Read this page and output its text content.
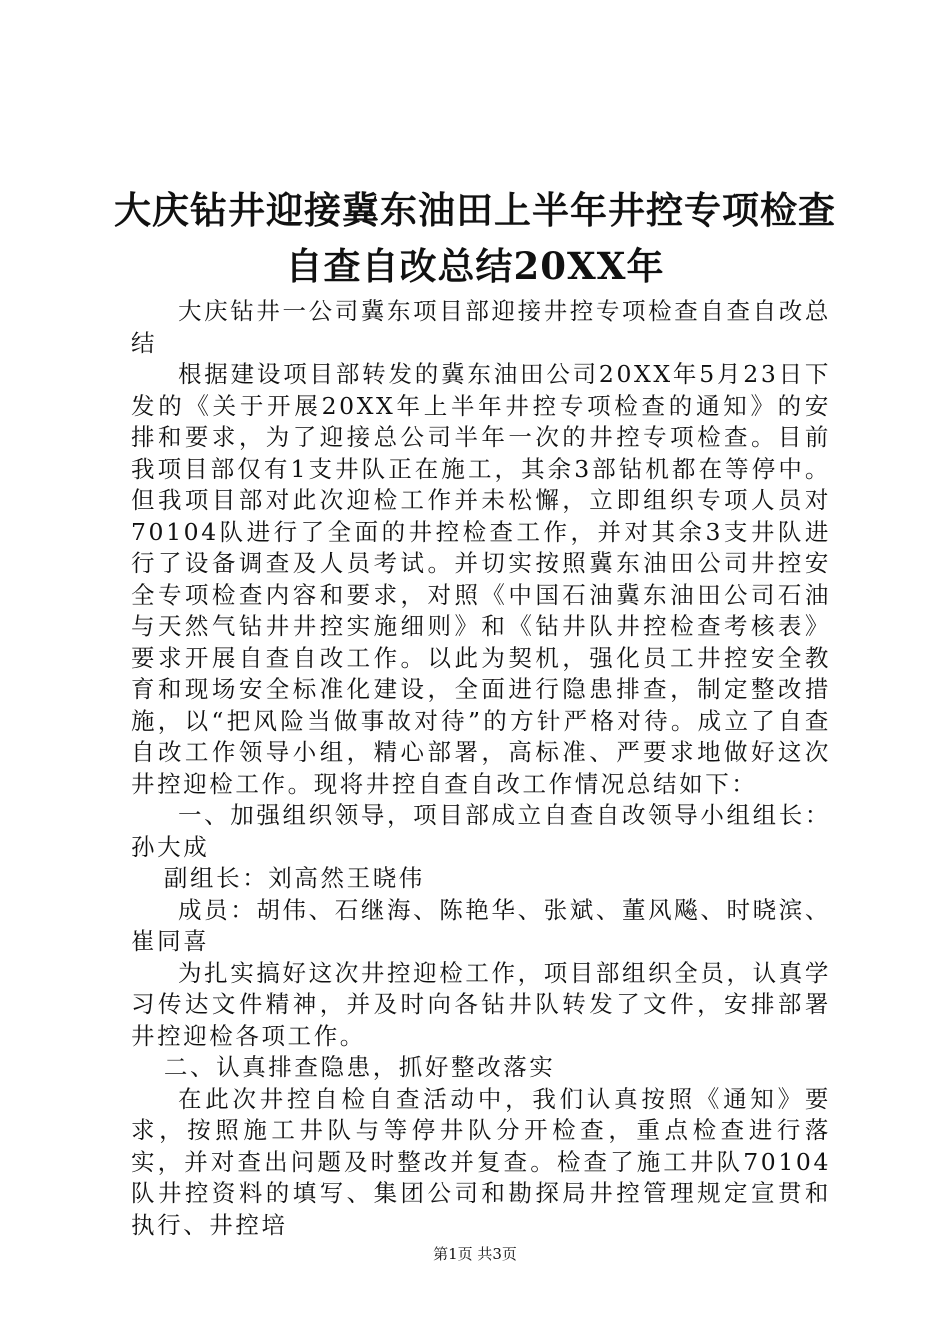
大庆钻井迎接冀东油田上半年井控专项检查自查自改总结20XX年

大庆钻井一公司冀东项目部迎接井控专项检查自查自改总结

根据建设项目部转发的冀东油田公司20XX年5月23日下发的《关于开展20XX年上半年井控专项检查的通知》的安排和要求，为了迎接总公司半年一次的井控专项检查。目前我项目部仅有1支井队正在施工，其余3部钻机都在等停中。但我项目部对此次迎检工作并未松懈，立即组织专项人员对70104队进行了全面的井控检查工作，并对其余3支井队进行了设备调查及人员考试。并切实按照冀东油田公司井控安全专项检查内容和要求，对照《中国石油冀东油田公司石油与天然气钻井井控实施细则》和《钻井队井控检查考核表》要求开展自查自改工作。以此为契机，强化员工井控安全教育和现场安全标准化建设，全面进行隐患排查，制定整改措施，以“把风险当做事故对待”的方针严格对待。成立了自查自改工作领导小组，精心部署，高标准、严要求地做好这次井控迎检工作。现将井控自查自改工作情况总结如下：

一、加强组织领导，项目部成立自查自改领导小组组长：孙大成

副组长：刘高然王晓伟

成员：胡伟、石继海、陈艳华、张斌、董风飚、时晓滨、崔同喜

为扎实搞好这次井控迎检工作，项目部组织全员，认真学习传达文件精神，并及时向各钻井队转发了文件，安排部署井控迎检各项工作。

二、认真排查隐患，抓好整改落实

在此次井控自检自查活动中，我们认真按照《通知》要求，按照施工井队与等停井队分开检查，重点检查进行落实，并对查出问题及时整改并复查。检查了施工井队70104队井控资料的填写、集团公司和勘探局井控管理规定宣贯和执行、井控培

第1页 共3页
